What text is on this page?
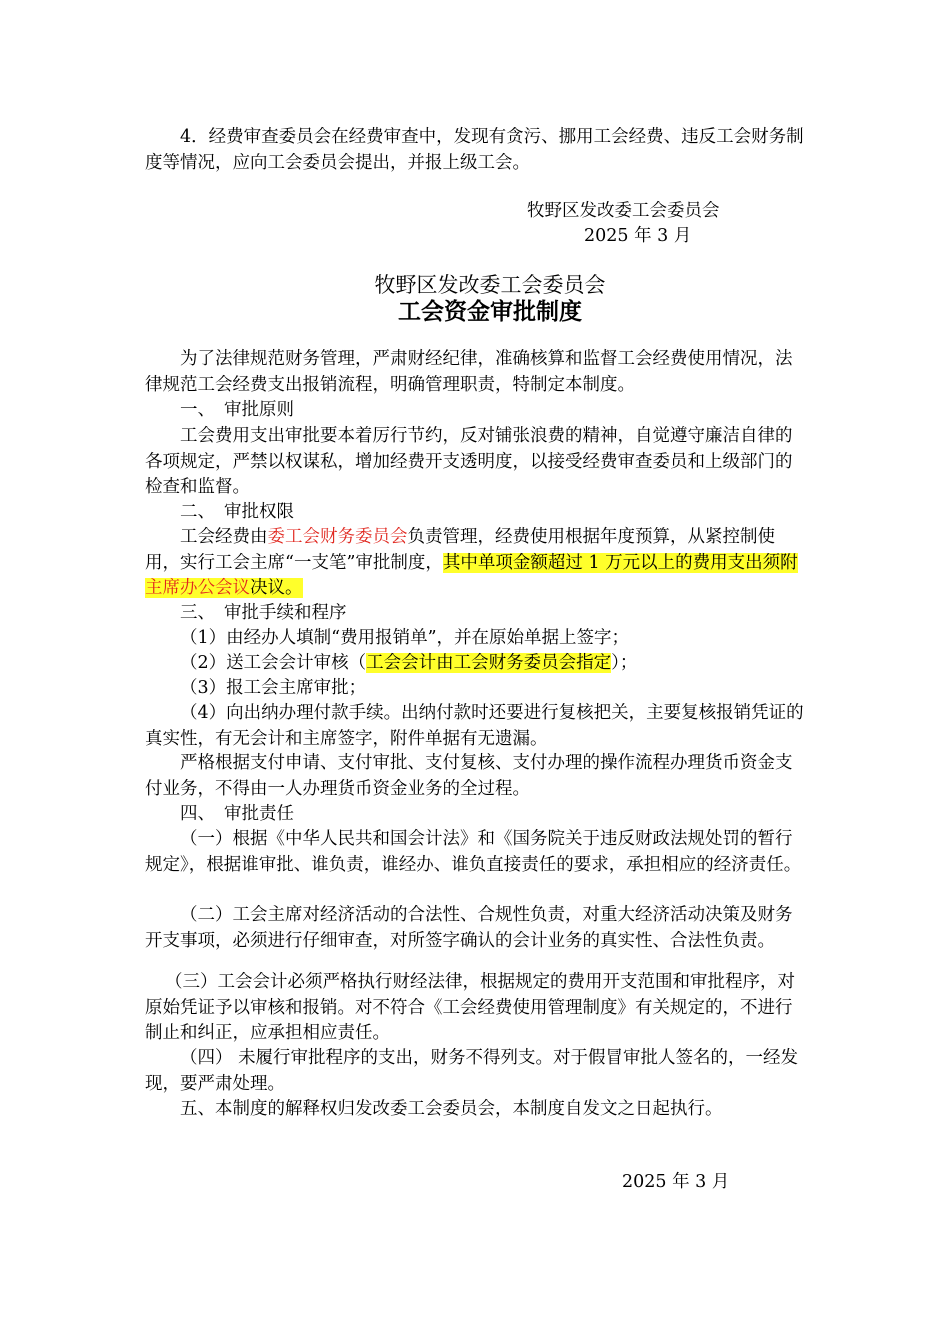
4．经费审查委员会在经费审查中，发现有贪污、挪用工会经费、违反工会财务制度等情况，应向工会委员会提出，并报上级工会。

牧野区发改委工会委员会
2025 年 3 月
牧野区发改委工会委员会
工会资金审批制度

为了法律规范财务管理，严肃财经纪律，准确核算和监督工会经费使用情况，法律规范工会经费支出报销流程，明确管理职责，特制定本制度。

一、 审批原则

工会费用支出审批要本着厉行节约，反对铺张浪费的精神，自觉遵守廉洁自律的各项规定，严禁以权谋私，增加经费开支透明度，以接受经费审查委员和上级部门的检查和监督。

二、 审批权限

工会经费由委工会财务委员会负责管理，经费使用根据年度预算，从紧控制使用，实行工会主席“一支笔”审批制度，其中单项金额超过 1 万元以上的费用支出须附主席办公会议决议。

三、 审批手续和程序

（1）由经办人填制“费用报销单”，并在原始单据上签字；

（2）送工会会计审核（工会会计由工会财务委员会指定）；

（3）报工会主席审批；

（4）向出纳办理付款手续。出纳付款时还要进行复核把关，主要复核报销凭证的真实性，有无会计和主席签字，附件单据有无遗漏。

严格根据支付申请、支付审批、支付复核、支付办理的操作流程办理货币资金支付业务，不得由一人办理货币资金业务的全过程。

四、 审批责任

（一）根据《中华人民共和国会计法》和《国务院关于违反财政法规处罚的暂行规定》，根据谁审批、谁负责，谁经办、谁负直接责任的要求，承担相应的经济责任。

（二）工会主席对经济活动的合法性、合规性负责，对重大经济活动决策及财务开支事项，必须进行仔细审查，对所签字确认的会计业务的真实性、合法性负责。

（三）工会会计必须严格执行财经法律，根据规定的费用开支范围和审批程序，对原始凭证予以审核和报销。对不符合《工会经费使用管理制度》有关规定的，不进行制止和纠正，应承担相应责任。

（四） 未履行审批程序的支出，财务不得列支。对于假冒审批人签名的，一经发现，要严肃处理。

五、本制度的解释权归发改委工会委员会，本制度自发文之日起执行。

2025 年 3 月
